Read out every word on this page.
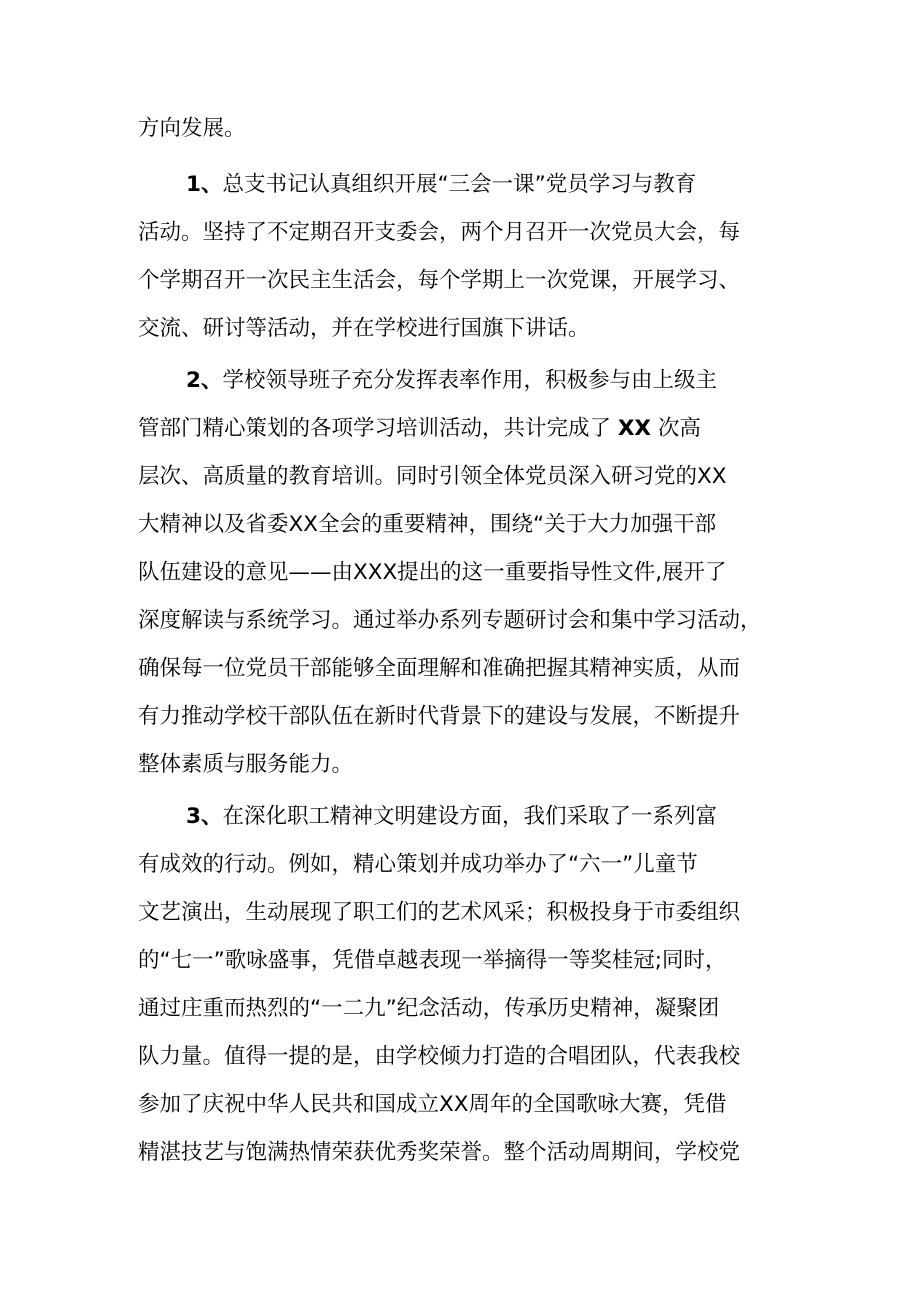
方向发展。
1、总支书记认真组织开展“三会一课”党员学习与教育
活动。坚持了不定期召开支委会，两个月召开一次党员大会，每
个学期召开一次民主生活会，每个学期上一次党课，开展学习、
交流、研讨等活动，并在学校进行国旗下讲话。
2、学校领导班子充分发挥表率作用，积极参与由上级主
管部门精心策划的各项学习培训活动，共计完成了 XX 次高
层次、高质量的教育培训。同时引领全体党员深入研习党的XX
大精神以及省委XX全会的重要精神，围绕“关于大力加强干部
队伍建设的意见——由XXX提出的这一重要指导性文件,展开了
深度解读与系统学习。通过举办系列专题研讨会和集中学习活动，
确保每一位党员干部能够全面理解和准确把握其精神实质，从而
有力推动学校干部队伍在新时代背景下的建设与发展，不断提升
整体素质与服务能力。
3、在深化职工精神文明建设方面，我们采取了一系列富
有成效的行动。例如，精心策划并成功举办了“六一”儿童节
文艺演出，生动展现了职工们的艺术风采；积极投身于市委组织
的“七一”歌咏盛事，凭借卓越表现一举摘得一等奖桂冠;同时，
通过庄重而热烈的“一二九”纪念活动，传承历史精神，凝聚团
队力量。值得一提的是，由学校倾力打造的合唱团队，代表我校
参加了庆祝中华人民共和国成立XX周年的全国歌咏大赛，凭借
精湛技艺与饱满热情荣获优秀奖荣誉。整个活动周期间，学校党
